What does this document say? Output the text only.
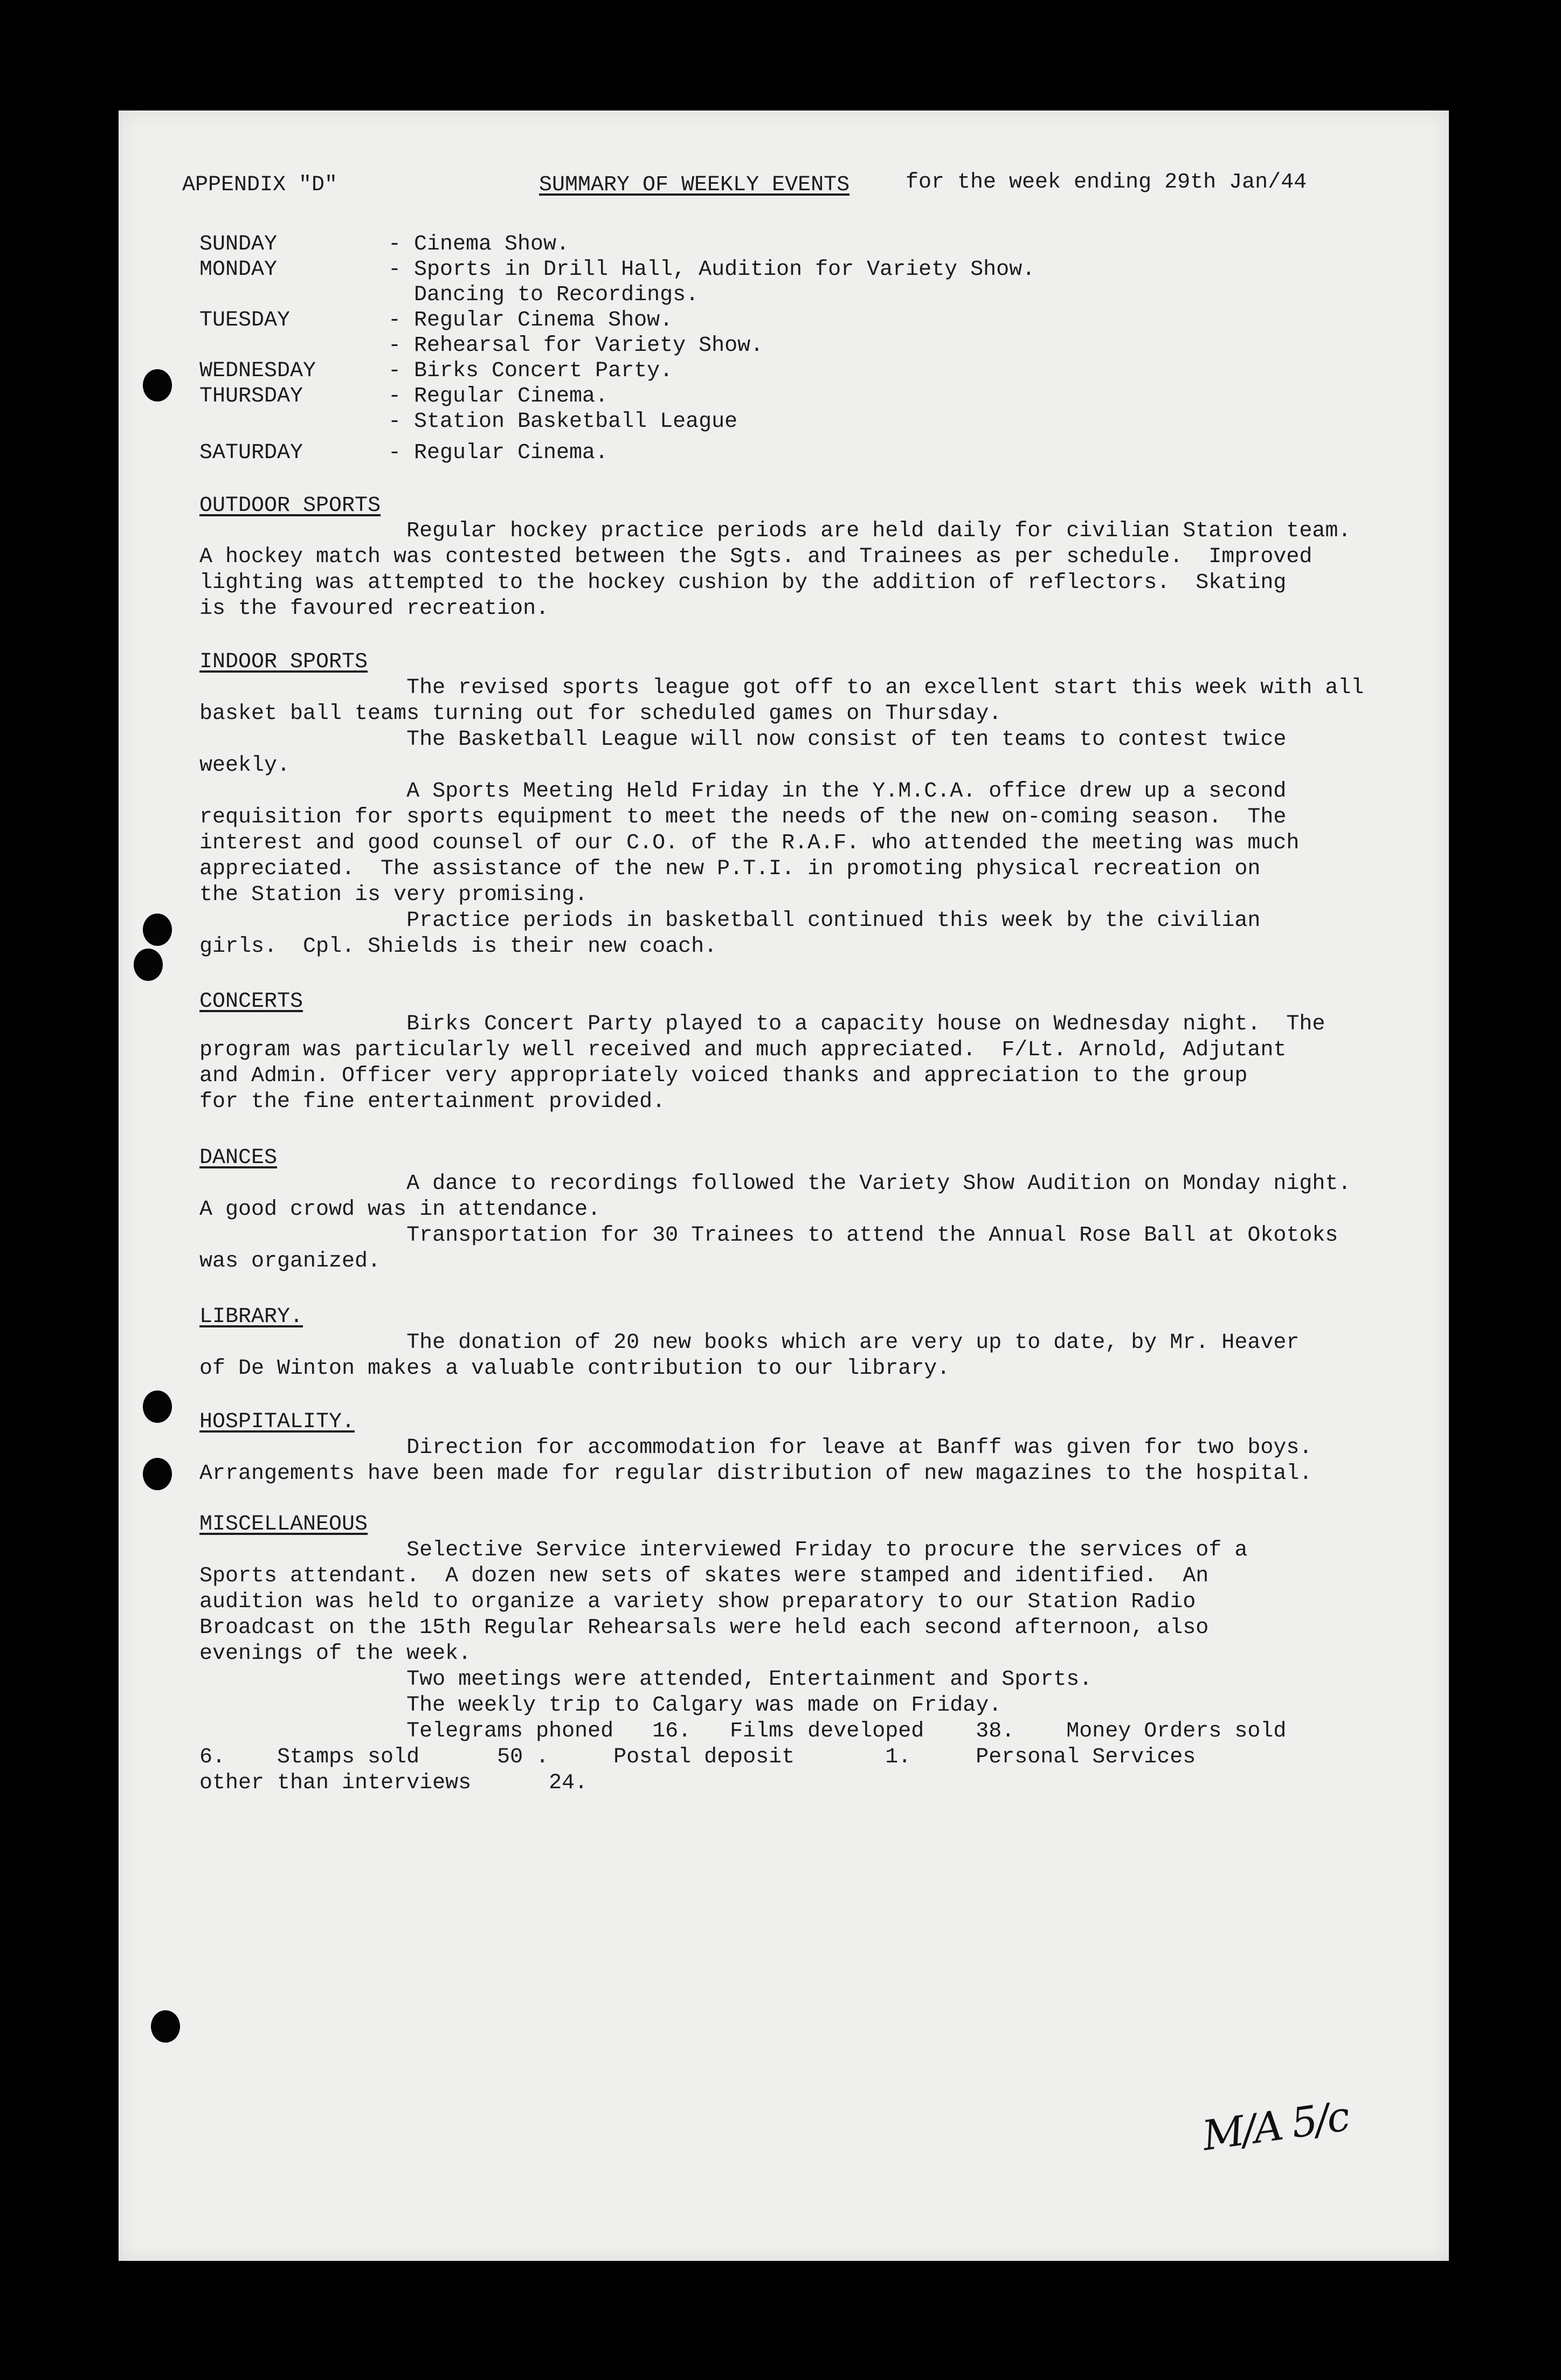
APPENDIX "D"	SUMMARY OF WEEKLY EVENTS	for the week ending 29th Jan/44
SUNDAY	- Cinema Show.
MONDAY	- Sports in Drill Hall, Audition for Variety Show.
Dancing to Recordings.
TUESDAY	- Regular Cinema Show.
- Rehearsal for Variety Show.
WEDNESDAY	- Birks Concert Party.
THURSDAY	- Regular Cinema.
- Station Basketball League
SATURDAY	- Regular Cinema.
OUTDOOR SPORTS
Regular hockey practice periods are held daily for civilian Station team.
A hockey match was contested between the Sgts. and Trainees as per schedule.  Improved
lighting was attempted to the hockey cushion by the addition of reflectors.  Skating
is the favoured recreation.
INDOOR SPORTS
The revised sports league got off to an excellent start this week with all
basket ball teams turning out for scheduled games on Thursday.
The Basketball League will now consist of ten teams to contest twice
weekly.
A Sports Meeting Held Friday in the Y.M.C.A. office drew up a second
requisition for sports equipment to meet the needs of the new on-coming season.  The
interest and good counsel of our C.O. of the R.A.F. who attended the meeting was much
appreciated.  The assistance of the new P.T.I. in promoting physical recreation on
the Station is very promising.
Practice periods in basketball continued this week by the civilian
girls.  Cpl. Shields is their new coach.
CONCERTS
Birks Concert Party played to a capacity house on Wednesday night.  The
program was particularly well received and much appreciated.  F/Lt. Arnold, Adjutant
and Admin. Officer very appropriately voiced thanks and appreciation to the group
for the fine entertainment provided.
DANCES
A dance to recordings followed the Variety Show Audition on Monday night.
A good crowd was in attendance.
Transportation for 30 Trainees to attend the Annual Rose Ball at Okotoks
was organized.
LIBRARY.
The donation of 20 new books which are very up to date, by Mr. Heaver
of De Winton makes a valuable contribution to our library.
HOSPITALITY.
Direction for accommodation for leave at Banff was given for two boys.
Arrangements have been made for regular distribution of new magazines to the hospital.
MISCELLANEOUS
Selective Service interviewed Friday to procure the services of a
Sports attendant.  A dozen new sets of skates were stamped and identified.  An
audition was held to organize a variety show preparatory to our Station Radio
Broadcast on the 15th Regular Rehearsals were held each second afternoon, also
evenings of the week.
Two meetings were attended, Entertainment and Sports.
The weekly trip to Calgary was made on Friday.
Telegrams phoned   16.   Films developed    38.    Money Orders sold
6.    Stamps sold      50 .     Postal deposit       1.     Personal Services
other than interviews      24.
M/A 5/c
